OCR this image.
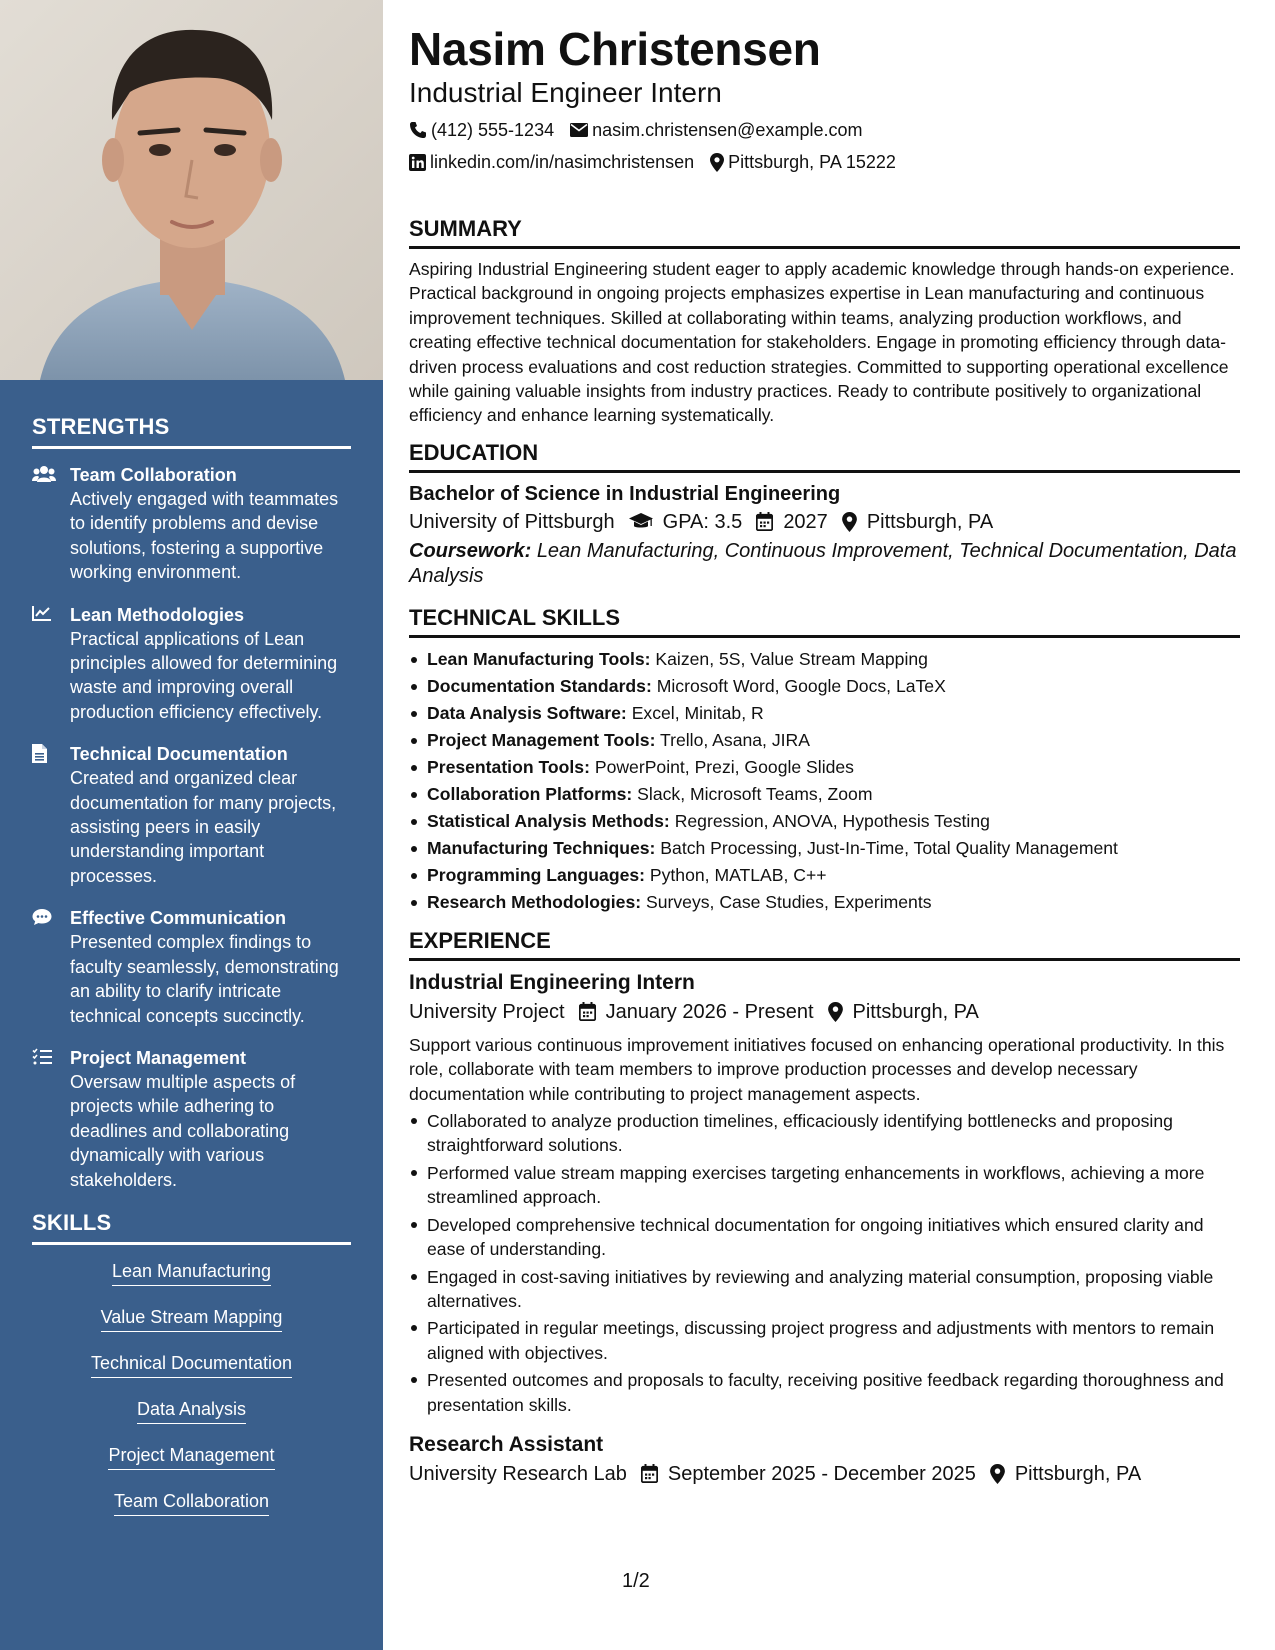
STRENGTHS
Team Collaboration
Actively engaged with teammates to identify problems and devise solutions, fostering a supportive working environment.
Lean Methodologies
Practical applications of Lean principles allowed for determining waste and improving overall production efficiency effectively.
Technical Documentation
Created and organized clear documentation for many projects, assisting peers in easily understanding important processes.
Effective Communication
Presented complex findings to faculty seamlessly, demonstrating an ability to clarify intricate technical concepts succinctly.
Project Management
Oversaw multiple aspects of projects while adhering to deadlines and collaborating dynamically with various stakeholders.
SKILLS
Lean Manufacturing
Value Stream Mapping
Technical Documentation
Data Analysis
Project Management
Team Collaboration
Nasim Christensen
Industrial Engineer Intern
(412) 555-1234 nasim.christensen@example.com
linkedin.com/in/nasimchristensen Pittsburgh, PA 15222
SUMMARY

Aspiring Industrial Engineering student eager to apply academic knowledge through hands-on experience. Practical background in ongoing projects emphasizes expertise in Lean manufacturing and continuous improvement techniques. Skilled at collaborating within teams, analyzing production workflows, and creating effective technical documentation for stakeholders. Engage in promoting efficiency through data-driven process evaluations and cost reduction strategies. Committed to supporting operational excellence while gaining valuable insights from industry practices. Ready to contribute positively to organizational efficiency and enhance learning systematically.

EDUCATION
Bachelor of Science in Industrial Engineering
University of Pittsburgh GPA: 3.5 2027 Pittsburgh, PA
Coursework: Lean Manufacturing, Continuous Improvement, Technical Documentation, Data Analysis
TECHNICAL SKILLS
Lean Manufacturing Tools: Kaizen, 5S, Value Stream Mapping
Documentation Standards: Microsoft Word, Google Docs, LaTeX
Data Analysis Software: Excel, Minitab, R
Project Management Tools: Trello, Asana, JIRA
Presentation Tools: PowerPoint, Prezi, Google Slides
Collaboration Platforms: Slack, Microsoft Teams, Zoom
Statistical Analysis Methods: Regression, ANOVA, Hypothesis Testing
Manufacturing Techniques: Batch Processing, Just-In-Time, Total Quality Management
Programming Languages: Python, MATLAB, C++
Research Methodologies: Surveys, Case Studies, Experiments
EXPERIENCE
Industrial Engineering Intern
University Project January 2026 - Present Pittsburgh, PA

Support various continuous improvement initiatives focused on enhancing operational productivity. In this role, collaborate with team members to improve production processes and develop necessary documentation while contributing to project management aspects.

Collaborated to analyze production timelines, efficaciously identifying bottlenecks and proposing straightforward solutions.
Performed value stream mapping exercises targeting enhancements in workflows, achieving a more streamlined approach.
Developed comprehensive technical documentation for ongoing initiatives which ensured clarity and ease of understanding.
Engaged in cost-saving initiatives by reviewing and analyzing material consumption, proposing viable alternatives.
Participated in regular meetings, discussing project progress and adjustments with mentors to remain aligned with objectives.
Presented outcomes and proposals to faculty, receiving positive feedback regarding thoroughness and presentation skills.
Research Assistant
University Research Lab September 2025 - December 2025 Pittsburgh, PA
1/2
